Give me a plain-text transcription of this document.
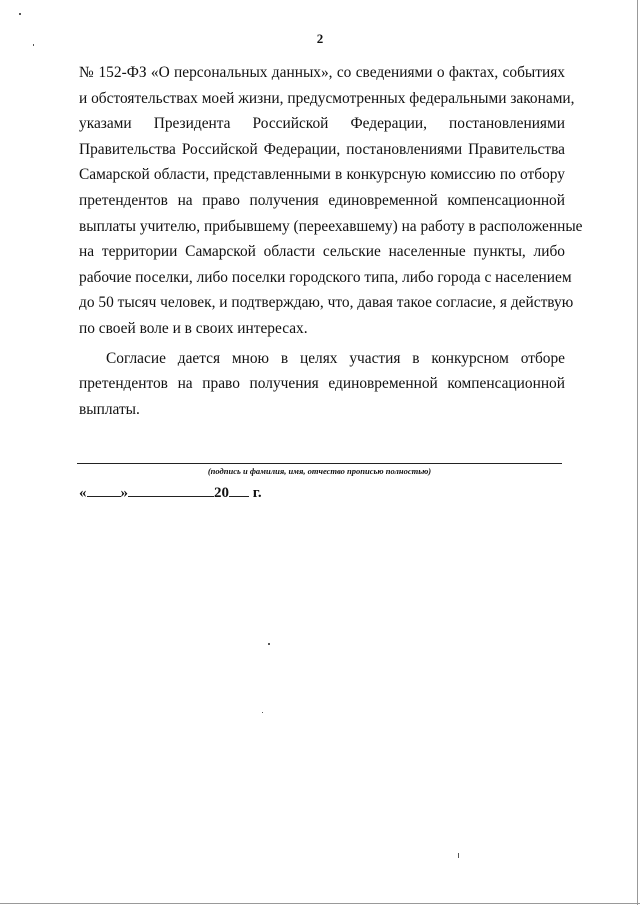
2

№ 152-ФЗ «О персональных данных», со сведениями о фактах, событиях
и обстоятельствах моей жизни, предусмотренных федеральными законами,
указами Президента Российской Федерации, постановлениями
Правительства Российской Федерации, постановлениями Правительства
Самарской области, представленными в конкурсную комиссию по отбору
претендентов на право получения единовременной компенсационной
выплаты учителю, прибывшему (переехавшему) на работу в расположенные
на территории Самарской области сельские населенные пункты, либо
рабочие поселки, либо поселки городского типа, либо города с населением
до 50 тысяч человек, и подтверждаю, что, давая такое согласие, я действую
по своей воле и в своих интересах.

Согласие дается мною в целях участия в конкурсном отборе
претендентов на право получения единовременной компенсационной
выплаты.

(подпись и фамилия, имя, отчество прописью полностью)
« »	20 г.
